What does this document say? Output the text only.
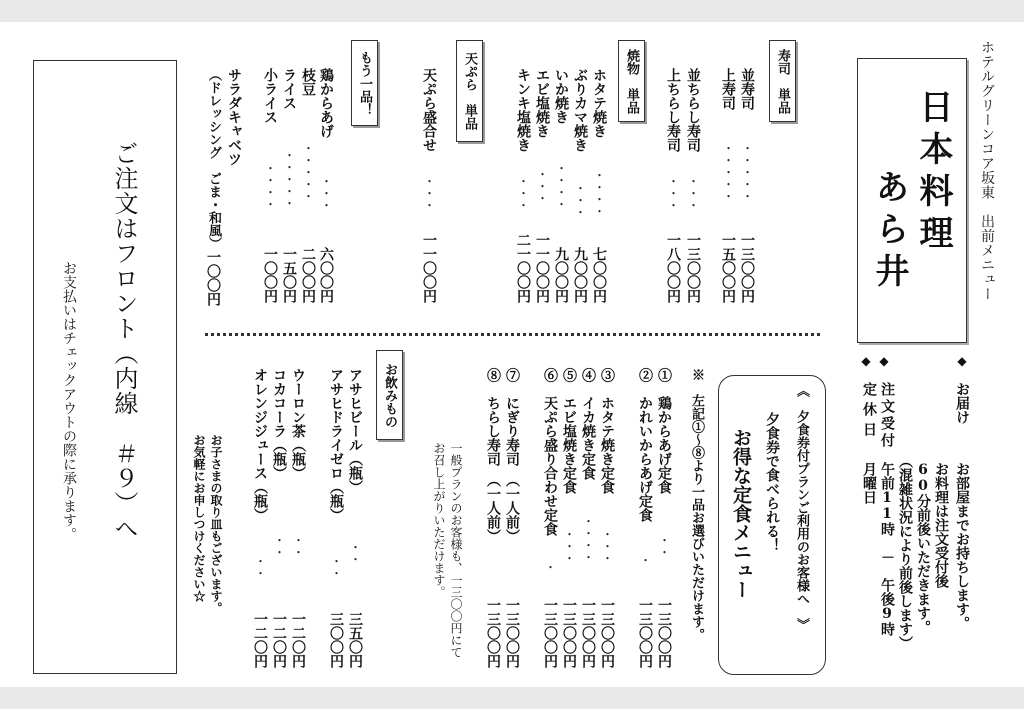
ホテルグリーンコア坂東　出前メニュー
日本料理
あら井
寿司　単品
並寿司
・・・・・
一三〇〇円
上寿司
・・・・・
一五〇〇円
並ちらし寿司
・・・
一三〇〇円
上ちらし寿司
・・・
一八〇〇円
焼物　単品
ホタテ焼き
・・・・
七〇〇円
ぶりカマ焼き
・・・
九〇〇円
いか焼き
・・・・
九〇〇円
エビ塩焼き
・・・
一一〇〇円
キンキ塩焼き
・・・
二一〇〇円
天ぷら　単品
天ぷら盛合せ
・・・
一一〇〇円
もう一品！
鶏からあげ
・・・
六〇〇円
枝豆
・・・・・
二〇〇円
ライス
・・・・・
一五〇円
小ライス
・・・・
一〇〇円
サラダキャベツ
（ドレッシング　ごま・和風）
一〇〇円
◆
お届け
お部屋までお持ちします。
◆
◆
注文受付
お料理は注文受付後
60分前後いただきます。
午前11時　－　午後9時 （混雑状況により前後します）
定休日
月曜日
《　夕食券付プランご利用のお客様へ　》
夕食券で食べられる！
お得な定食メニュー
※　左記①～⑧より一品お選びいただけます。
①　鶏からあげ定食
・・
一三〇〇円
②　かれいからあげ定食
・
一三〇〇円
③　ホタテ焼き定食
・・・
一三〇〇円
④　イカ焼き定食
・・・・
一三〇〇円
⑤　エビ塩焼き定食
・・・
一三〇〇円
⑥　天ぷら盛り合わせ定食
・
一三〇〇円
⑦　にぎり寿司　（一人前）
一三〇〇円
⑧　ちらし寿司　（一人前）
一三〇〇円
一般プランのお客様も、一三〇〇円にて
お召し上がりいただけます。
お飲みもの
アサヒビール（瓶）
・・
三五〇円
アサヒドライゼロ（瓶）
・・
三〇〇円
ウーロン茶（瓶）
・・
一二〇円
コカコーラ（瓶）
・・
一二〇円
オレンジジュース（瓶）
・・
一二〇円
お子さまの取り皿もございます。
お気軽にお申しつけください☆
ご注文はフロント（内線　＃９）へ
お支払いはチェックアウトの際に承ります。
